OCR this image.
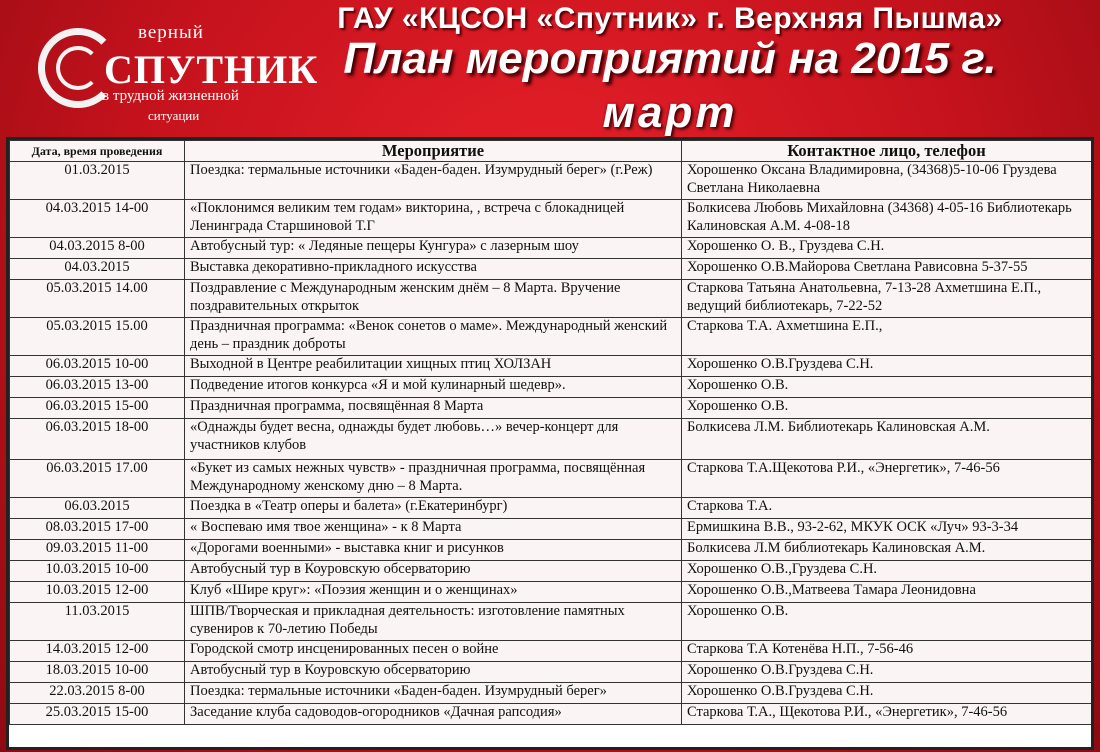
верный
СПУТНИК
в трудной жизненной
ситуации
ГАУ «КЦСОН «Спутник» г. Верхняя Пышма»
План мероприятий на 2015 г.
март
Дата, время проведения	Мероприятие	Контактное лицо, телефон
01.03.2015	Поездка: термальные источники «Баден-баден. Изумрудный берег» (г.Реж)	Хорошенко Оксана Владимировна, (34368)5-10-06 Груздева Светлана Николаевна
04.03.2015 14-00	«Поклонимся великим тем годам» викторина, , встреча с блокадницей Ленинграда Старшиновой Т.Г	Болкисева Любовь Михайловна (34368) 4-05-16 Библиотекарь Калиновская А.М. 4-08-18
04.03.2015 8-00	Автобусный тур: « Ледяные пещеры Кунгура» с лазерным шоу	Хорошенко О. В., Груздева С.Н.
04.03.2015	Выставка декоративно-прикладного искусства	Хорошенко О.В.Майорова Светлана Рависовна 5-37-55
05.03.2015 14.00	Поздравление с Международным женским днём – 8 Марта. Вручение поздравительных открыток	Старкова Татьяна Анатольевна, 7-13-28 Ахметшина Е.П., ведущий библиотекарь, 7-22-52
05.03.2015 15.00	Праздничная программа: «Венок сонетов о маме». Международный женский день – праздник доброты	Старкова Т.А. Ахметшина Е.П.,
06.03.2015 10-00	Выходной в Центре реабилитации хищных птиц ХОЛЗАН	Хорошенко О.В.Груздева С.Н.
06.03.2015 13-00	Подведение итогов конкурса «Я и мой кулинарный шедевр».	Хорошенко О.В.
06.03.2015 15-00	Праздничная программа, посвящённая 8 Марта	Хорошенко О.В.
06.03.2015 18-00	«Однажды будет весна, однажды будет любовь…» вечер-концерт для участников клубов	Болкисева Л.М. Библиотекарь Калиновская А.М.
06.03.2015 17.00	«Букет из самых нежных чувств» - праздничная программа, посвящённая Международному женскому дню – 8 Марта.	Старкова Т.А.Щекотова Р.И., «Энергетик», 7-46-56
06.03.2015	Поездка в «Театр оперы и балета» (г.Екатеринбург)	Старкова Т.А.
08.03.2015 17-00	« Воспеваю имя твое женщина» - к 8 Марта	Ермишкина В.В., 93-2-62, МКУК ОСК «Луч» 93-3-34
09.03.2015 11-00	«Дорогами военными» - выставка книг и рисунков	Болкисева Л.М библиотекарь Калиновская А.М.
10.03.2015 10-00	Автобусный тур в Коуровскую обсерваторию	Хорошенко О.В.,Груздева С.Н.
10.03.2015 12-00	Клуб «Шире круг»: «Поэзия женщин и о женщинах»	Хорошенко О.В.,Матвеева Тамара Леонидовна
11.03.2015	ШПВ/Творческая и прикладная деятельность: изготовление памятных сувениров к 70-летию Победы	Хорошенко О.В.
14.03.2015 12-00	Городской смотр инсценированных песен о войне	Старкова Т.А Котенёва Н.П., 7-56-46
18.03.2015 10-00	Автобусный тур в Коуровскую обсерваторию	Хорошенко О.В.Груздева С.Н.
22.03.2015 8-00	Поездка: термальные источники «Баден-баден. Изумрудный берег»	Хорошенко О.В.Груздева С.Н.
25.03.2015 15-00	Заседание клуба садоводов-огородников «Дачная рапсодия»	Старкова Т.А., Щекотова Р.И., «Энергетик», 7-46-56
